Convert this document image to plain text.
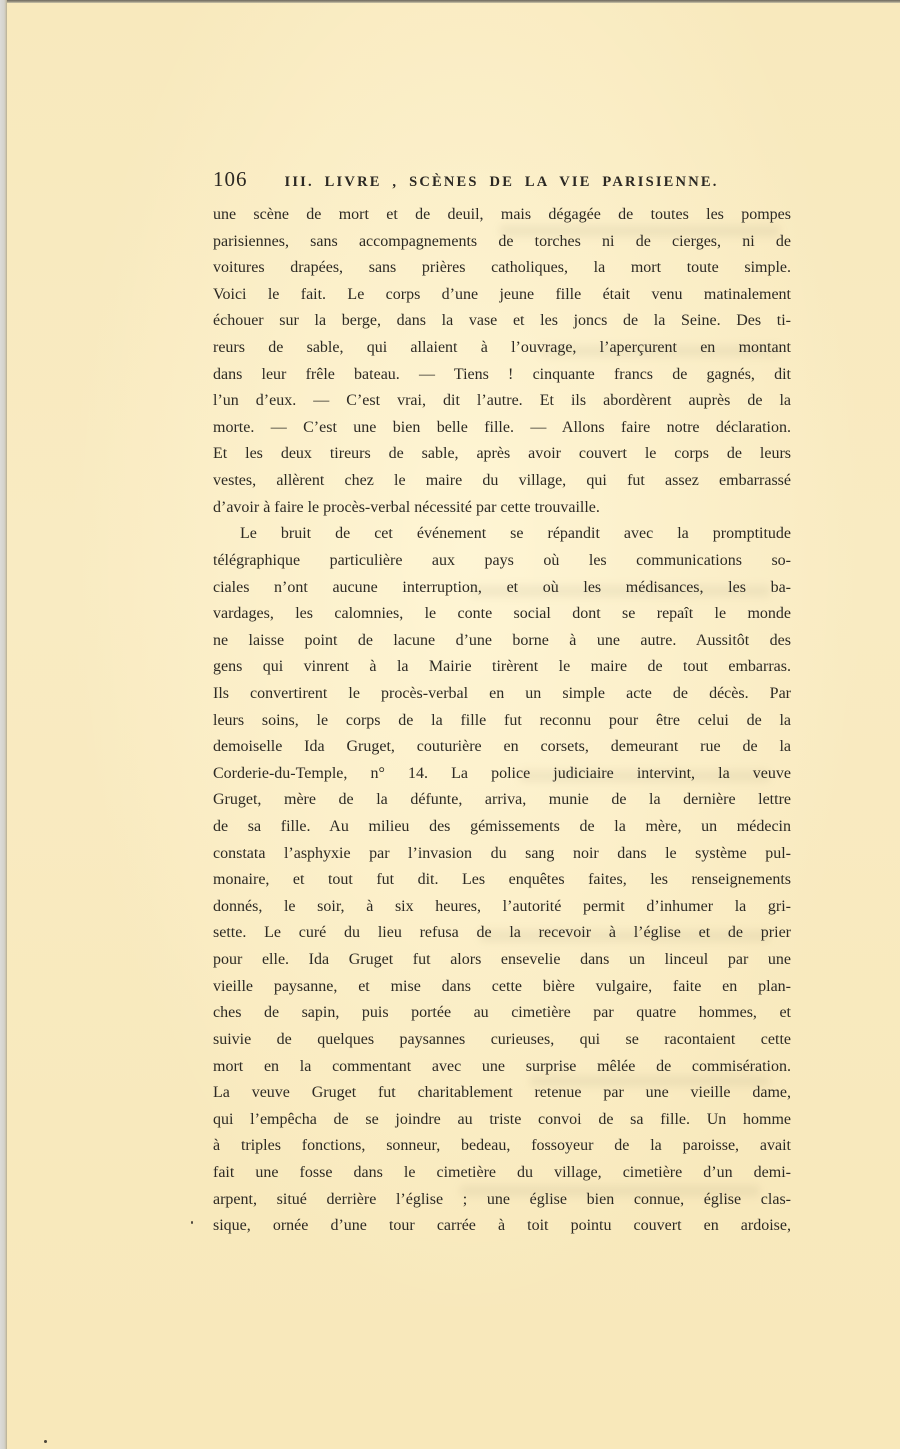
106	III. LIVRE , SCÈNES DE LA VIE PARISIENNE.
une scène de mort et de deuil, mais dégagée de toutes les pompes
parisiennes, sans accompagnements de torches ni de cierges, ni de
voitures drapées, sans prières catholiques, la mort toute simple.
Voici le fait. Le corps d’une jeune fille était venu matinalement
échouer sur la berge, dans la vase et les joncs de la Seine. Des ti-
reurs de sable, qui allaient à l’ouvrage, l’aperçurent en montant
dans leur frêle bateau. — Tiens ! cinquante francs de gagnés, dit
l’un d’eux. — C’est vrai, dit l’autre. Et ils abordèrent auprès de la
morte. — C’est une bien belle fille. — Allons faire notre déclaration.
Et les deux tireurs de sable, après avoir couvert le corps de leurs
vestes, allèrent chez le maire du village, qui fut assez embarrassé
d’avoir à faire le procès-verbal nécessité par cette trouvaille.
Le bruit de cet événement se répandit avec la promptitude
télégraphique particulière aux pays où les communications so-
ciales n’ont aucune interruption, et où les médisances, les ba-
vardages, les calomnies, le conte social dont se repaît le monde
ne laisse point de lacune d’une borne à une autre. Aussitôt des
gens qui vinrent à la Mairie tirèrent le maire de tout embarras.
Ils convertirent le procès-verbal en un simple acte de décès. Par
leurs soins, le corps de la fille fut reconnu pour être celui de la
demoiselle Ida Gruget, couturière en corsets, demeurant rue de la
Corderie-du-Temple, n° 14. La police judiciaire intervint, la veuve
Gruget, mère de la défunte, arriva, munie de la dernière lettre
de sa fille. Au milieu des gémissements de la mère, un médecin
constata l’asphyxie par l’invasion du sang noir dans le système pul-
monaire, et tout fut dit. Les enquêtes faites, les renseignements
donnés, le soir, à six heures, l’autorité permit d’inhumer la gri-
sette. Le curé du lieu refusa de la recevoir à l’église et de prier
pour elle. Ida Gruget fut alors ensevelie dans un linceul par une
vieille paysanne, et mise dans cette bière vulgaire, faite en plan-
ches de sapin, puis portée au cimetière par quatre hommes, et
suivie de quelques paysannes curieuses, qui se racontaient cette
mort en la commentant avec une surprise mêlée de commisération.
La veuve Gruget fut charitablement retenue par une vieille dame,
qui l’empêcha de se joindre au triste convoi de sa fille. Un homme
à triples fonctions, sonneur, bedeau, fossoyeur de la paroisse, avait
fait une fosse dans le cimetière du village, cimetière d’un demi-
arpent, situé derrière l’église ; une église bien connue, église clas-
sique, ornée d’une tour carrée à toit pointu couvert en ardoise,
